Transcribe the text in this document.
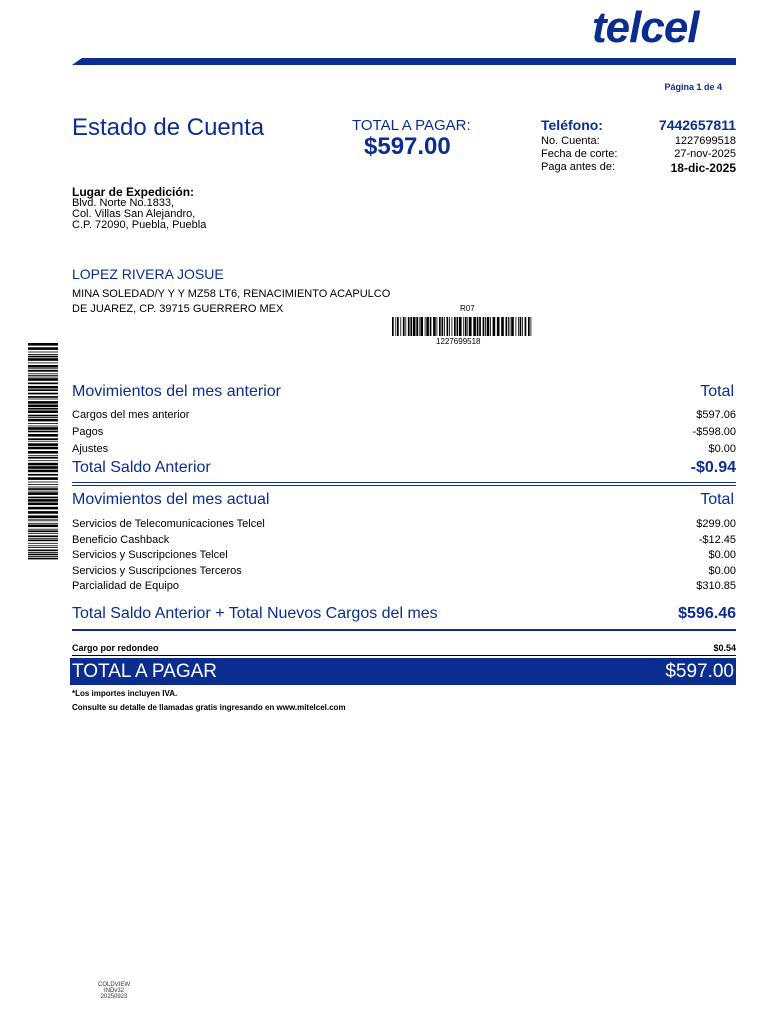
telcel
Página 1 de 4
Estado de Cuenta	TOTAL A PAGAR:
$597.00
Teléfono:	7442657811
No. Cuenta:	1227699518
Fecha de corte:	27-nov-2025
Paga antes de:	18-dic-2025
Lugar de Expedición:
Blvd. Norte No.1833,
Col. Villas San Alejandro,
C.P. 72090, Puebla, Puebla
LOPEZ RIVERA JOSUE
MINA SOLEDAD/Y Y Y MZ58 LT6, RENACIMIENTO ACAPULCO
DE JUAREZ, CP. 39715 GUERRERO MEX	R07
1227699518
Movimientos del mes anterior	Total
Cargos del mes anterior	$597.06
Pagos	-$598.00
Ajustes	$0.00
Total Saldo Anterior	-$0.94
Movimientos del mes actual	Total
Servicios de Telecomunicaciones Telcel	$299.00
Beneficio Cashback	-$12.45
Servicios y Suscripciones Telcel	$0.00
Servicios y Suscripciones Terceros	$0.00
Parcialidad de Equipo	$310.85
Total Saldo Anterior + Total Nuevos Cargos del mes	$596.46
Cargo por redondeo	$0.54
TOTAL A PAGAR	$597.00
*Los importes incluyen IVA.
Consulte su detalle de llamadas gratis ingresando en www.mitelcel.com
COLDVIEW
INDv32
20250923
